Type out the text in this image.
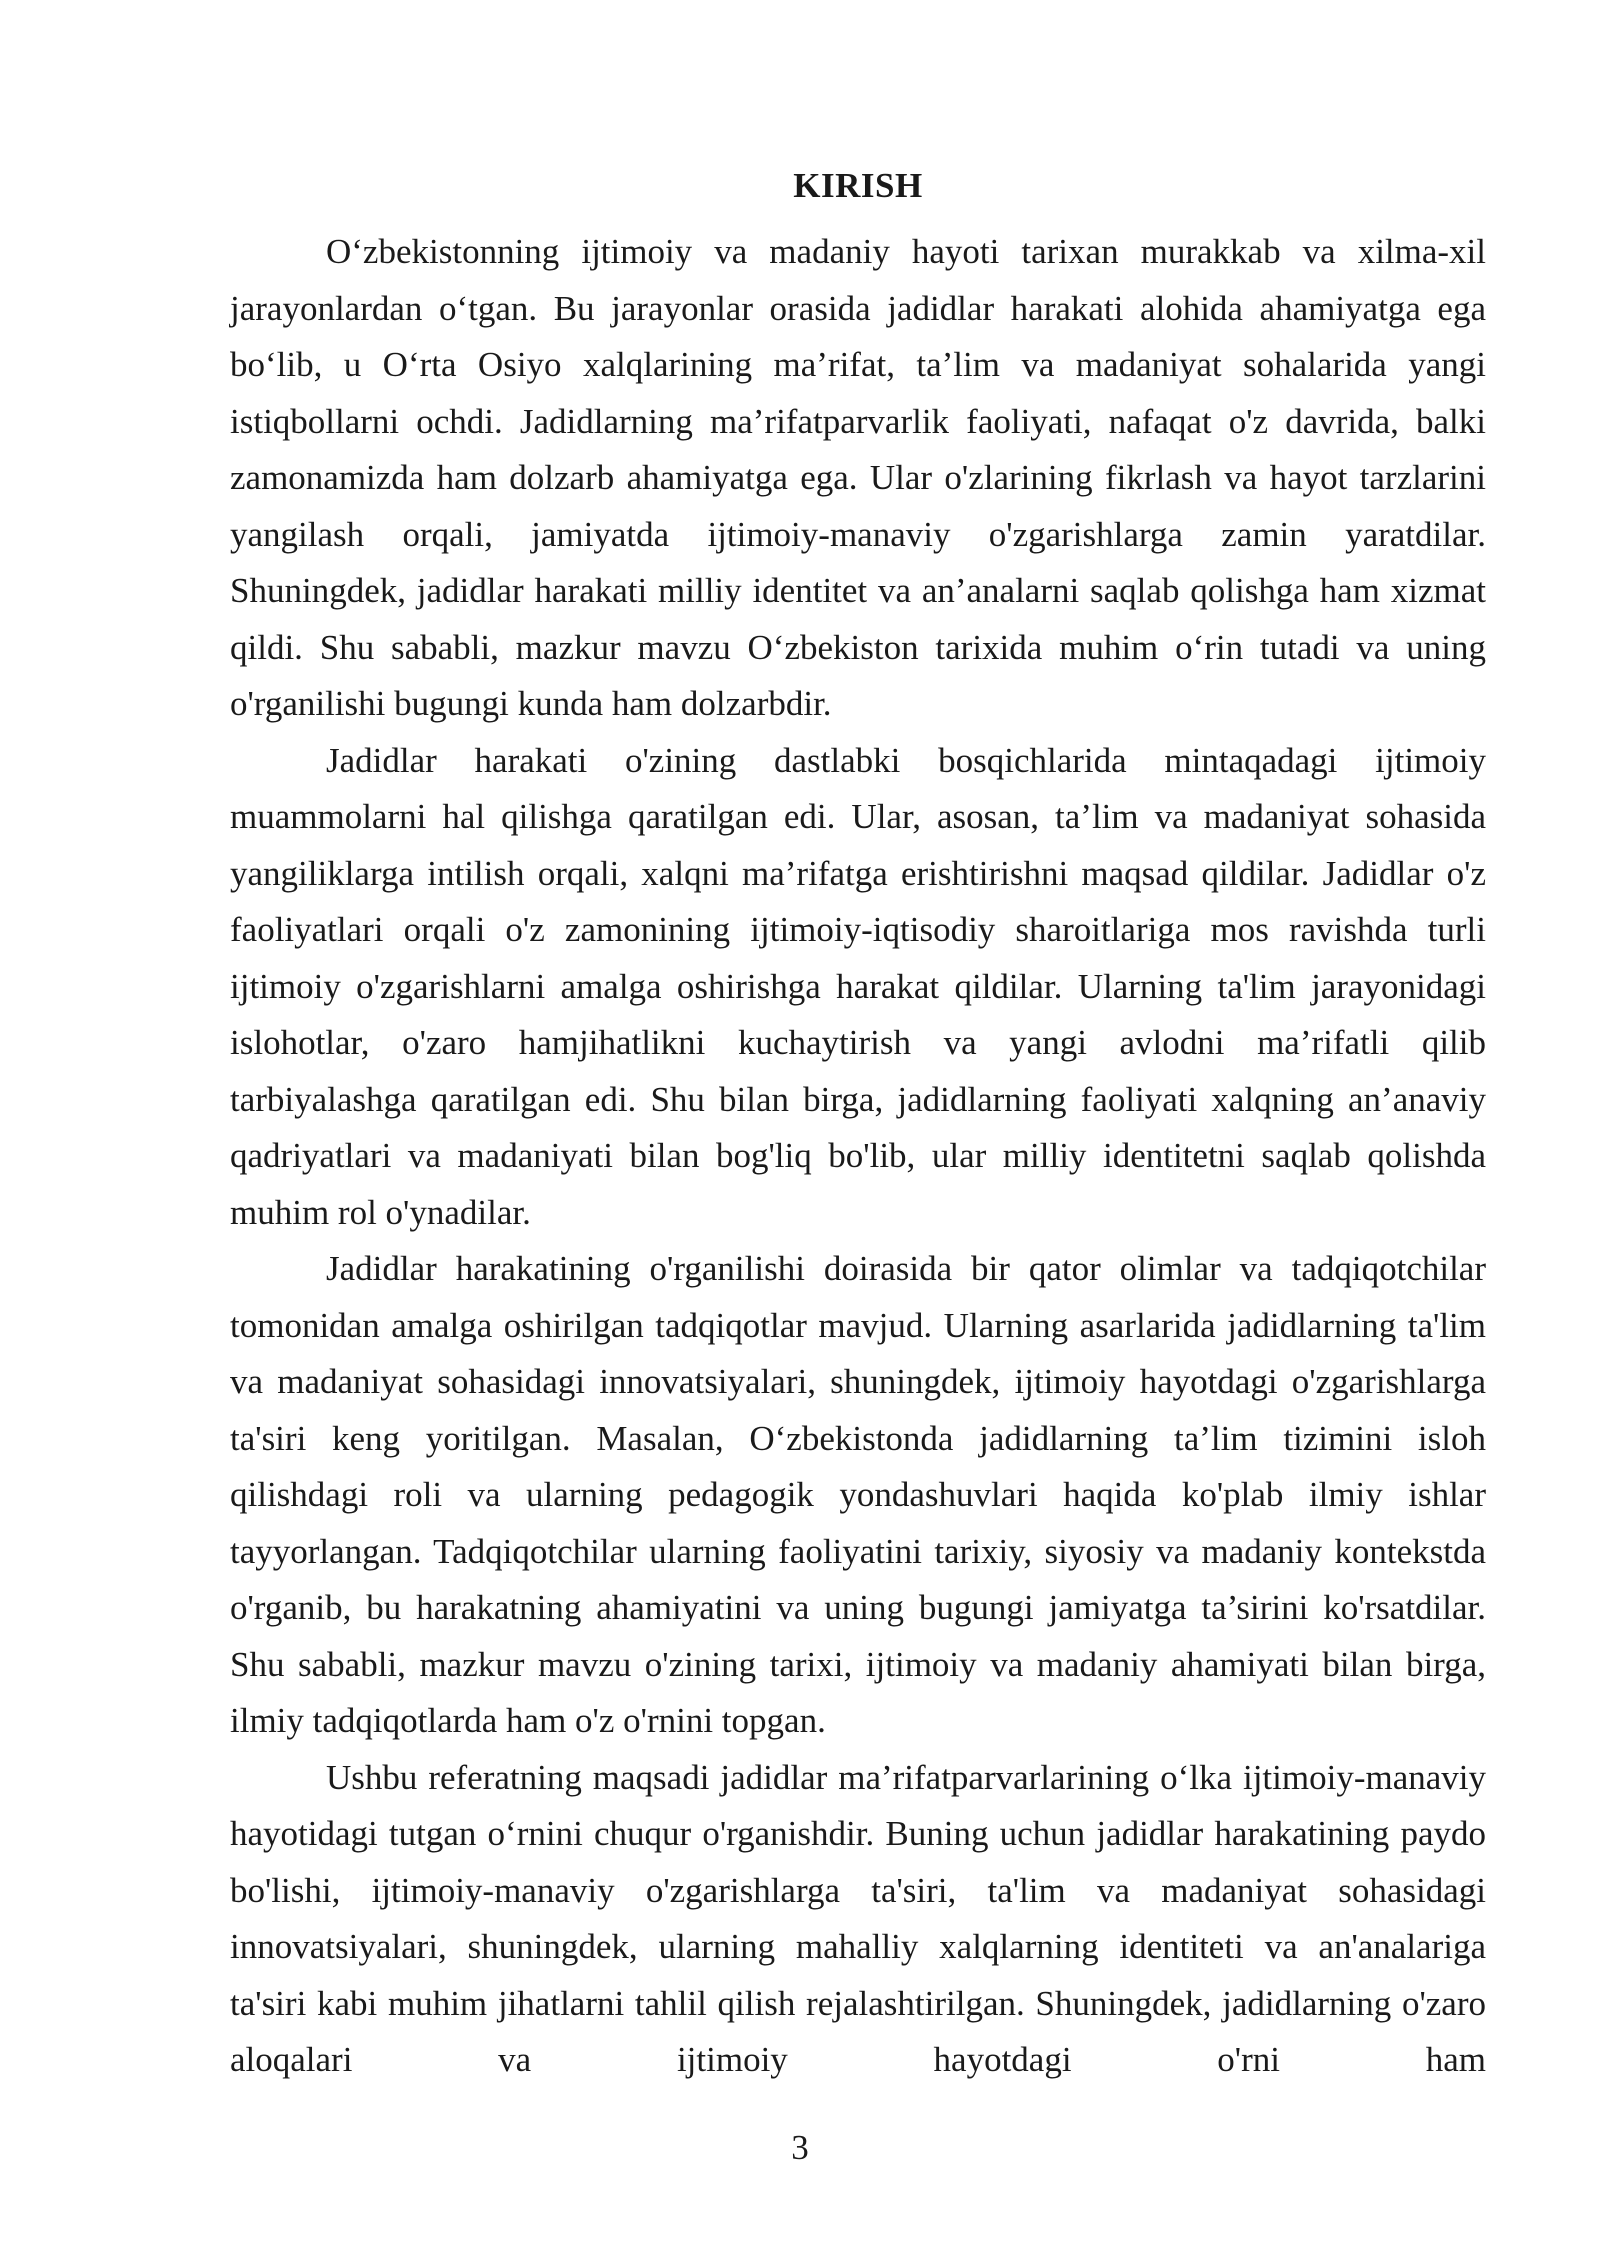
KIRISH

O‘zbekistonning ijtimoiy va madaniy hayoti tarixan murakkab va xilma-xil jarayonlardan o‘tgan. Bu jarayonlar orasida jadidlar harakati alohida ahamiyatga ega bo‘lib, u O‘rta Osiyo xalqlarining ma’rifat, ta’lim va madaniyat sohalarida yangi istiqbollarni ochdi. Jadidlarning ma’rifatparvarlik faoliyati, nafaqat o'z davrida, balki zamonamizda ham dolzarb ahamiyatga ega. Ular o'zlarining fikrlash va hayot tarzlarini yangilash orqali, jamiyatda ijtimoiy-manaviy o'zgarishlarga zamin yaratdilar. Shuningdek, jadidlar harakati milliy identitet va an’analarni saqlab qolishga ham xizmat qildi. Shu sababli, mazkur mavzu O‘zbekiston tarixida muhim o‘rin tutadi va uning o'rganilishi bugungi kunda ham dolzarbdir.

Jadidlar harakati o'zining dastlabki bosqichlarida mintaqadagi ijtimoiy muammolarni hal qilishga qaratilgan edi. Ular, asosan, ta’lim va madaniyat sohasida yangiliklarga intilish orqali, xalqni ma’rifatga erishtirishni maqsad qildilar. Jadidlar o'z faoliyatlari orqali o'z zamonining ijtimoiy-iqtisodiy sharoitlariga mos ravishda turli ijtimoiy o'zgarishlarni amalga oshirishga harakat qildilar. Ularning ta'lim jarayonidagi islohotlar, o'zaro hamjihatlikni kuchaytirish va yangi avlodni ma’rifatli qilib tarbiyalashga qaratilgan edi. Shu bilan birga, jadidlarning faoliyati xalqning an’anaviy qadriyatlari va madaniyati bilan bog'liq bo'lib, ular milliy identitetni saqlab qolishda muhim rol o'ynadilar.

Jadidlar harakatining o'rganilishi doirasida bir qator olimlar va tadqiqotchilar tomonidan amalga oshirilgan tadqiqotlar mavjud. Ularning asarlarida jadidlarning ta'lim va madaniyat sohasidagi innovatsiyalari, shuningdek, ijtimoiy hayotdagi o'zgarishlarga ta'siri keng yoritilgan. Masalan, O‘zbekistonda jadidlarning ta’lim tizimini isloh qilishdagi roli va ularning pedagogik yondashuvlari haqida ko'plab ilmiy ishlar tayyorlangan. Tadqiqotchilar ularning faoliyatini tarixiy, siyosiy va madaniy kontekstda o'rganib, bu harakatning ahamiyatini va uning bugungi jamiyatga ta’sirini ko'rsatdilar. Shu sababli, mazkur mavzu o'zining tarixi, ijtimoiy va madaniy ahamiyati bilan birga, ilmiy tadqiqotlarda ham o'z o'rnini topgan.

Ushbu referatning maqsadi jadidlar ma’rifatparvarlarining o‘lka ijtimoiy-manaviy hayotidagi tutgan o‘rnini chuqur o'rganishdir. Buning uchun jadidlar harakatining paydo bo'lishi, ijtimoiy-manaviy o'zgarishlarga ta'siri, ta'lim va madaniyat sohasidagi innovatsiyalari, shuningdek, ularning mahalliy xalqlarning identiteti va an'analariga ta'siri kabi muhim jihatlarni tahlil qilish rejalashtirilgan. Shuningdek, jadidlarning o'zaro aloqalari va ijtimoiy hayotdagi o'rni ham

3
